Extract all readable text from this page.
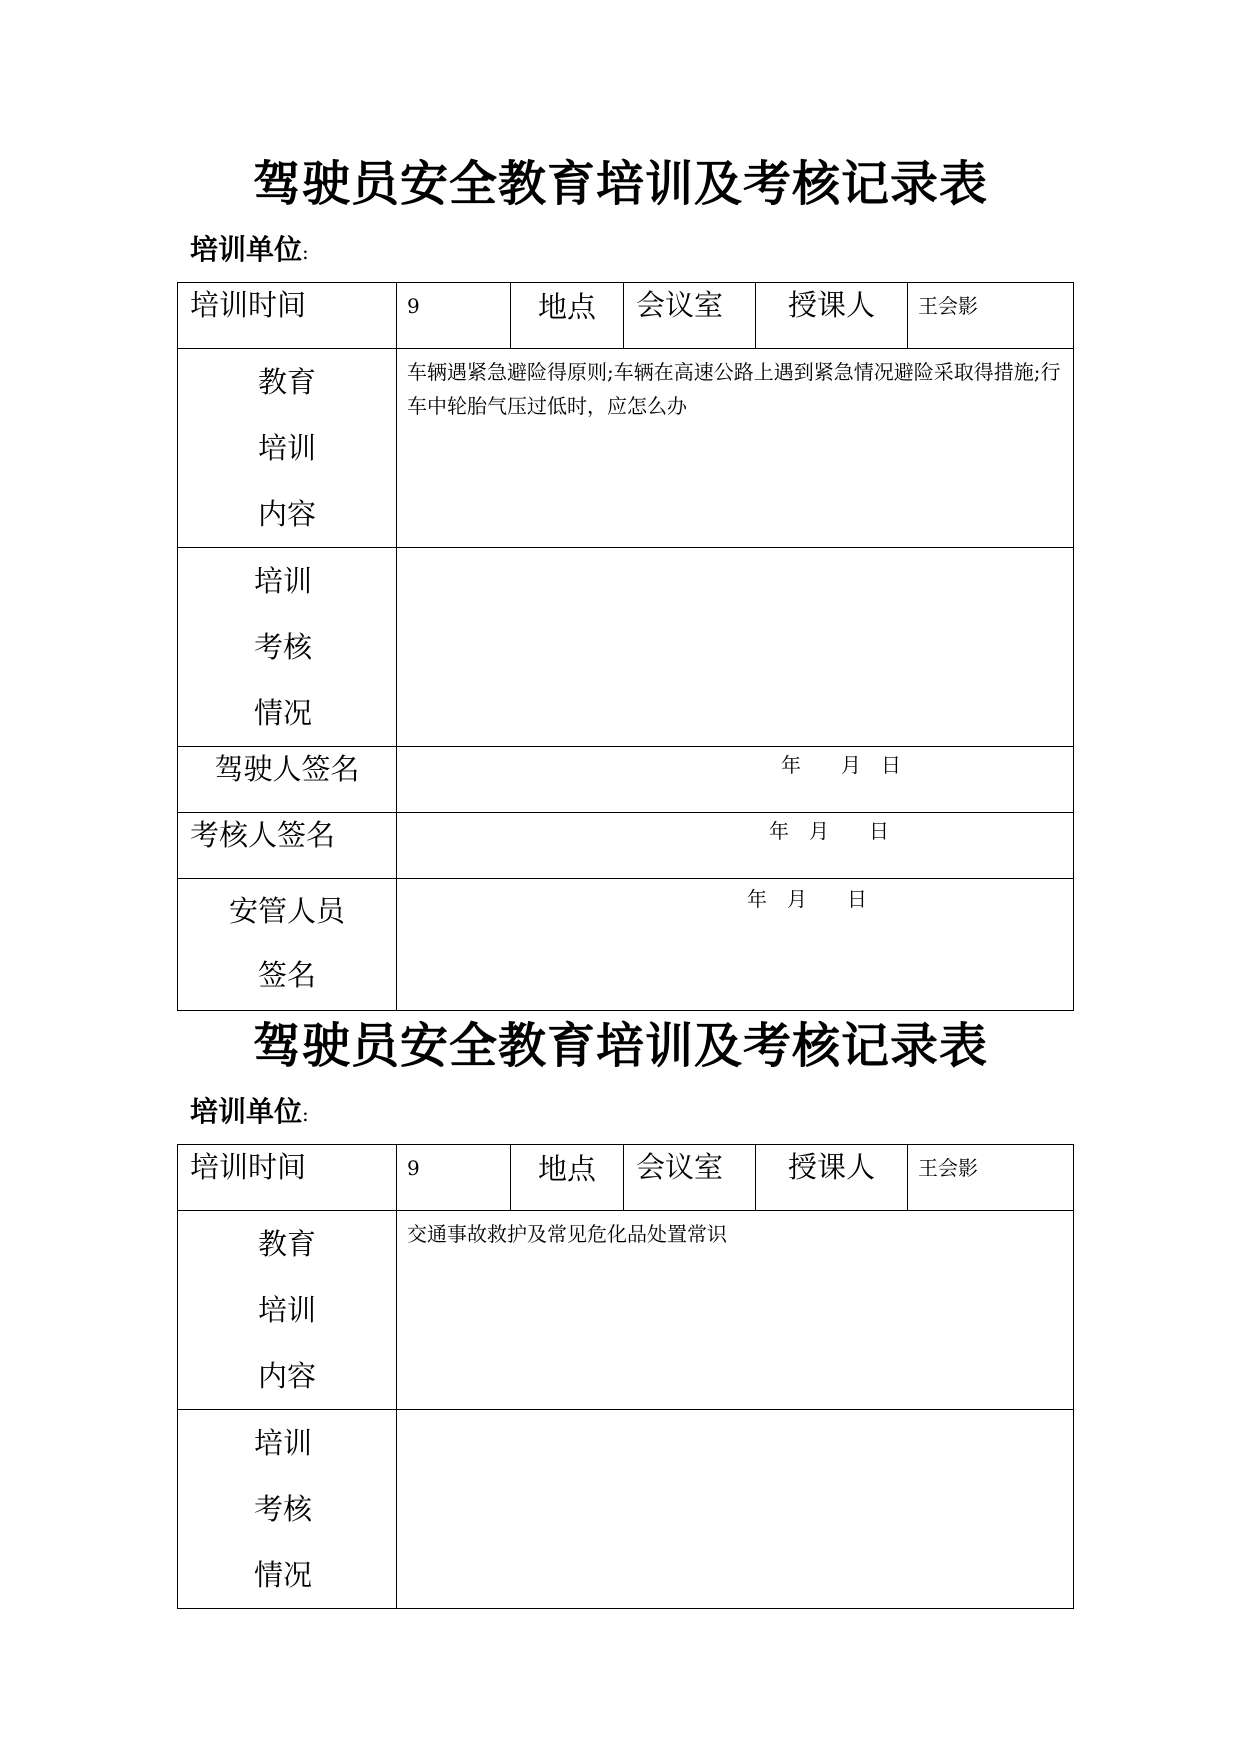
驾驶员安全教育培训及考核记录表
培训单位:
培训时间	9	地点	会议室	授课人	王会影

教育
培训
内容	车辆遇紧急避险得原则;车辆在高速公路上遇到紧急情况避险采取得措施;行车中轮胎气压过低时，应怎么办				

培训
考核
情况					

驾驶人签名	年　　月　日				

考核人签名	年　月　　日				

安管人员
签名	年　月　　日				
驾驶员安全教育培训及考核记录表
培训单位:
培训时间	9	地点	会议室	授课人	王会影

教育
培训
内容	交通事故救护及常见危化品处置常识				

培训
考核
情况					
